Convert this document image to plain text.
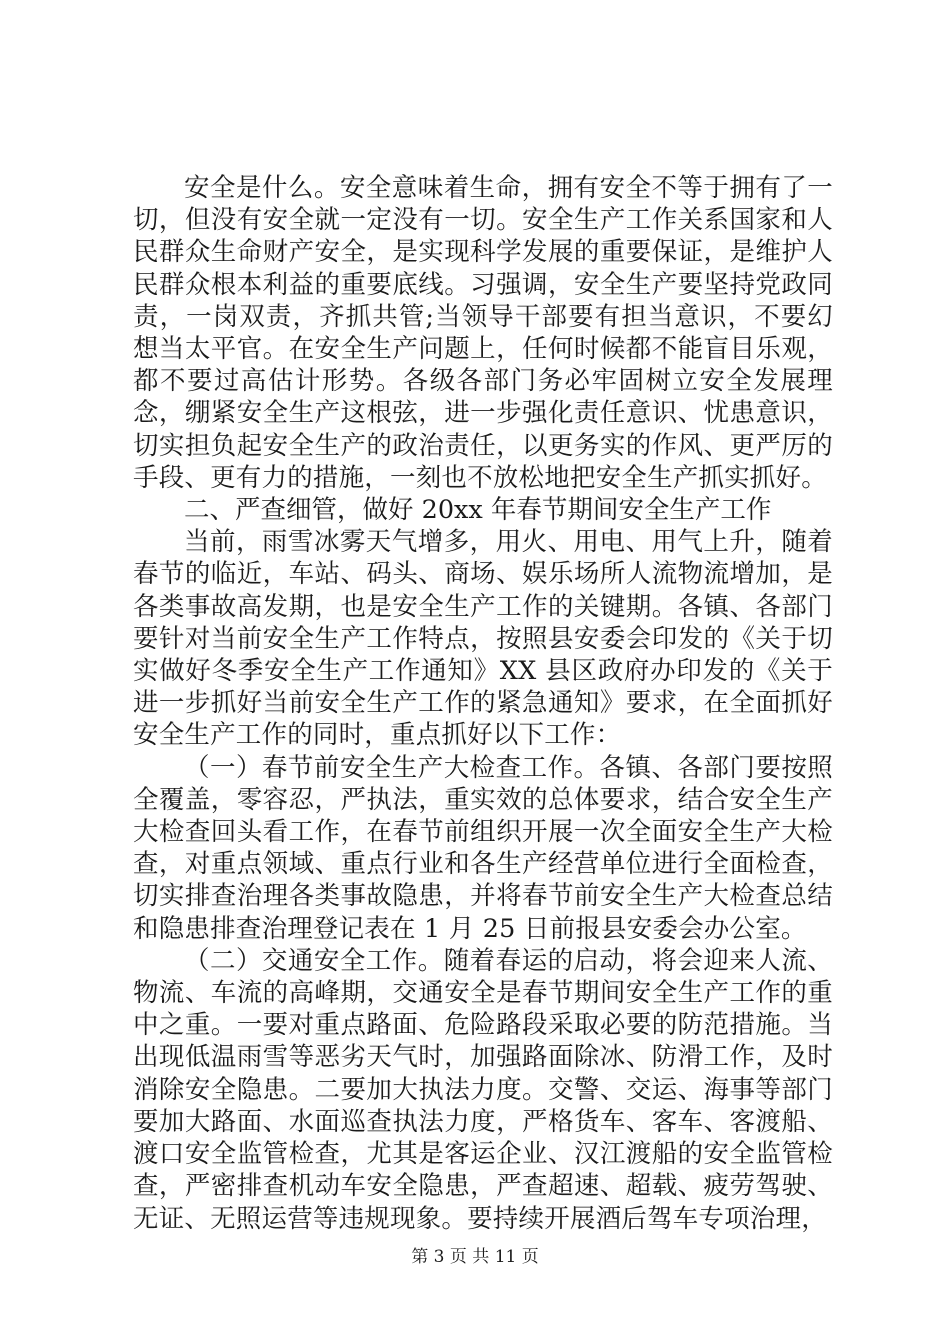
安全是什么。安全意味着生命，拥有安全不等于拥有了一切，但没有安全就一定没有一切。安全生产工作关系国家和人民群众生命财产安全，是实现科学发展的重要保证，是维护人民群众根本利益的重要底线。习强调，安全生产要坚持党政同责，一岗双责，齐抓共管;当领导干部要有担当意识，不要幻想当太平官。在安全生产问题上，任何时候都不能盲目乐观，都不要过高估计形势。各级各部门务必牢固树立安全发展理念，绷紧安全生产这根弦，进一步强化责任意识、忧患意识，切实担负起安全生产的政治责任，以更务实的作风、更严厉的手段、更有力的措施，一刻也不放松地把安全生产抓实抓好。

二、严查细管，做好 20xx 年春节期间安全生产工作

当前，雨雪冰雾天气增多，用火、用电、用气上升，随着春节的临近，车站、码头、商场、娱乐场所人流物流增加，是各类事故高发期，也是安全生产工作的关键期。各镇、各部门要针对当前安全生产工作特点，按照县安委会印发的《关于切实做好冬季安全生产工作通知》XX 县区政府办印发的《关于进一步抓好当前安全生产工作的紧急通知》要求，在全面抓好安全生产工作的同时，重点抓好以下工作：

（一）春节前安全生产大检查工作。各镇、各部门要按照全覆盖，零容忍，严执法，重实效的总体要求，结合安全生产大检查回头看工作，在春节前组织开展一次全面安全生产大检查，对重点领域、重点行业和各生产经营单位进行全面检查，切实排查治理各类事故隐患，并将春节前安全生产大检查总结和隐患排查治理登记表在 1 月 25 日前报县安委会办公室。

（二）交通安全工作。随着春运的启动，将会迎来人流、物流、车流的高峰期，交通安全是春节期间安全生产工作的重中之重。一要对重点路面、危险路段采取必要的防范措施。当出现低温雨雪等恶劣天气时，加强路面除冰、防滑工作，及时消除安全隐患。二要加大执法力度。交警、交运、海事等部门要加大路面、水面巡查执法力度，严格货车、客车、客渡船、渡口安全监管检查，尤其是客运企业、汉江渡船的安全监管检查，严密排查机动车安全隐患，严查超速、超载、疲劳驾驶、无证、无照运营等违规现象。要持续开展酒后驾车专项治理，

第 3 页 共 11 页
